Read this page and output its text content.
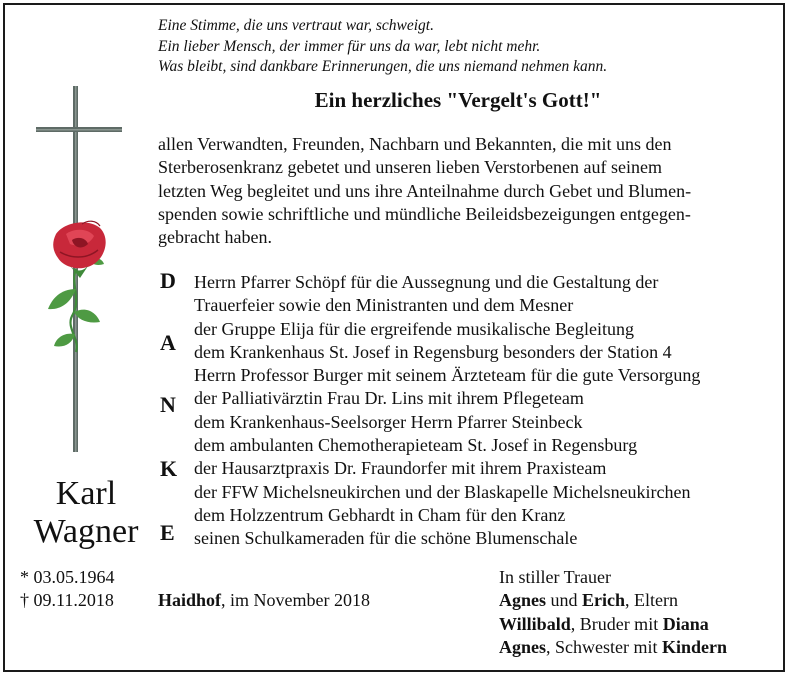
Eine Stimme, die uns vertraut war, schweigt.
Ein lieber Mensch, der immer für uns da war, lebt nicht mehr.
Was bleibt, sind dankbare Erinnerungen, die uns niemand nehmen kann.
Ein herzliches "Vergelt's Gott!"
allen Verwandten, Freunden, Nachbarn und Bekannten, die mit uns den
Sterberosenkranz gebetet und unseren lieben Verstorbenen auf seinem
letzten Weg begleitet und uns ihre Anteilnahme durch Gebet und Blumen-
spenden sowie schriftliche und mündliche Beileidsbezeigungen entgegen-
gebracht haben.
D
A
N
K
E
Herrn Pfarrer Schöpf für die Aussegnung und die Gestaltung der
Trauerfeier sowie den Ministranten und dem Mesner
der Gruppe Elija für die ergreifende musikalische Begleitung
dem Krankenhaus St. Josef in Regensburg besonders der Station 4
Herrn Professor Burger mit seinem Ärzteteam für die gute Versorgung
der Palliativärztin Frau Dr. Lins mit ihrem Pflegeteam
dem Krankenhaus-Seelsorger Herrn Pfarrer Steinbeck
dem ambulanten Chemotherapieteam St. Josef in Regensburg
der Hausarztpraxis Dr. Fraundorfer mit ihrem Praxisteam
der FFW Michelsneukirchen und der Blaskapelle Michelsneukirchen
dem Holzzentrum Gebhardt in Cham für den Kranz
seinen Schulkameraden für die schöne Blumenschale
Karl
Wagner
* 03.05.1964
† 09.11.2018 Haidhof, im November 2018
In stiller Trauer
Agnes und Erich, Eltern
Willibald, Bruder mit Diana
Agnes, Schwester mit Kindern
